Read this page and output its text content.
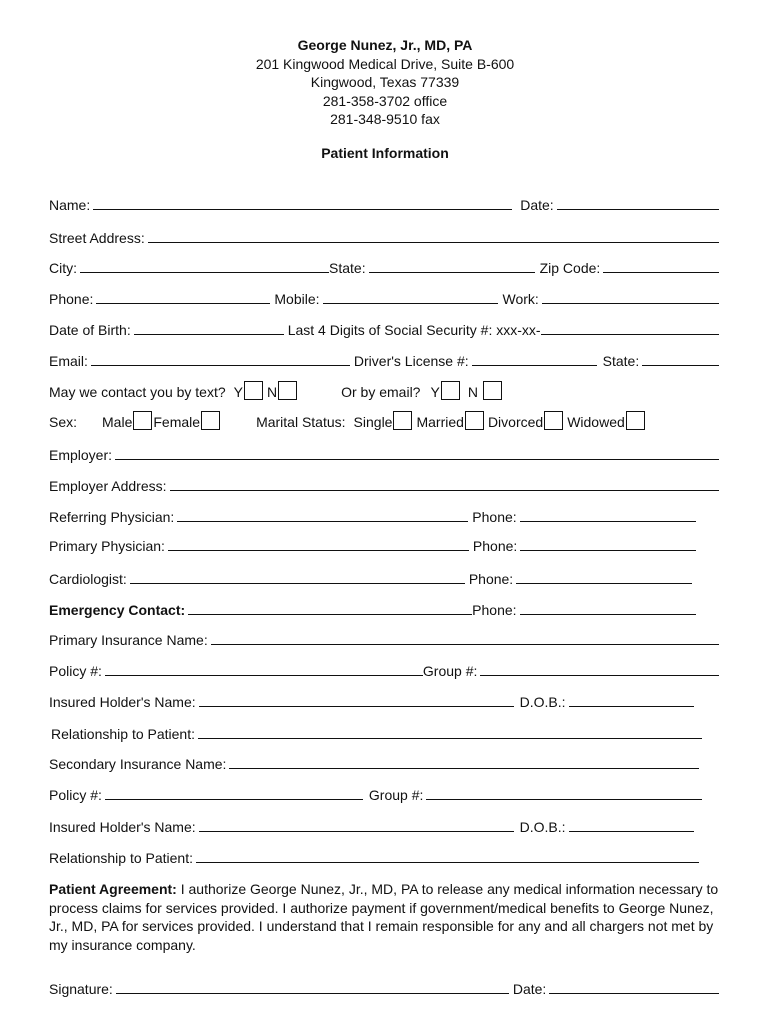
George Nunez, Jr., MD, PA
201 Kingwood Medical Drive, Suite B-600
Kingwood, Texas 77339
281-358-3702 office
281-348-9510 fax
Patient Information
Name:	Date:
Street Address:
City:	State:	Zip Code:
Phone:	Mobile:	Work:
Date of Birth:	Last 4 Digits of Social Security #: xxx-xx-
Email:	Driver's License #:	State:
May we contact you by text? Y N	Or by email? Y N
Sex:	Male Female	Marital Status: Single Married Divorced Widowed
Employer:
Employer Address:
Referring Physician:	Phone:
Primary Physician:	Phone:
Cardiologist:	Phone:
Emergency Contact:	Phone:
Primary Insurance Name:
Policy #:	Group #:
Insured Holder's Name:	D.O.B.:
Relationship to Patient:
Secondary Insurance Name:
Policy #:	Group #:
Insured Holder's Name:	D.O.B.:
Relationship to Patient:
Patient Agreement: I authorize George Nunez, Jr., MD, PA to release any medical information necessary to process claims for services provided. I authorize payment if government/medical benefits to George Nunez, Jr., MD, PA for services provided. I understand that I remain responsible for any and all chargers not met by my insurance company.
Signature:	Date:
